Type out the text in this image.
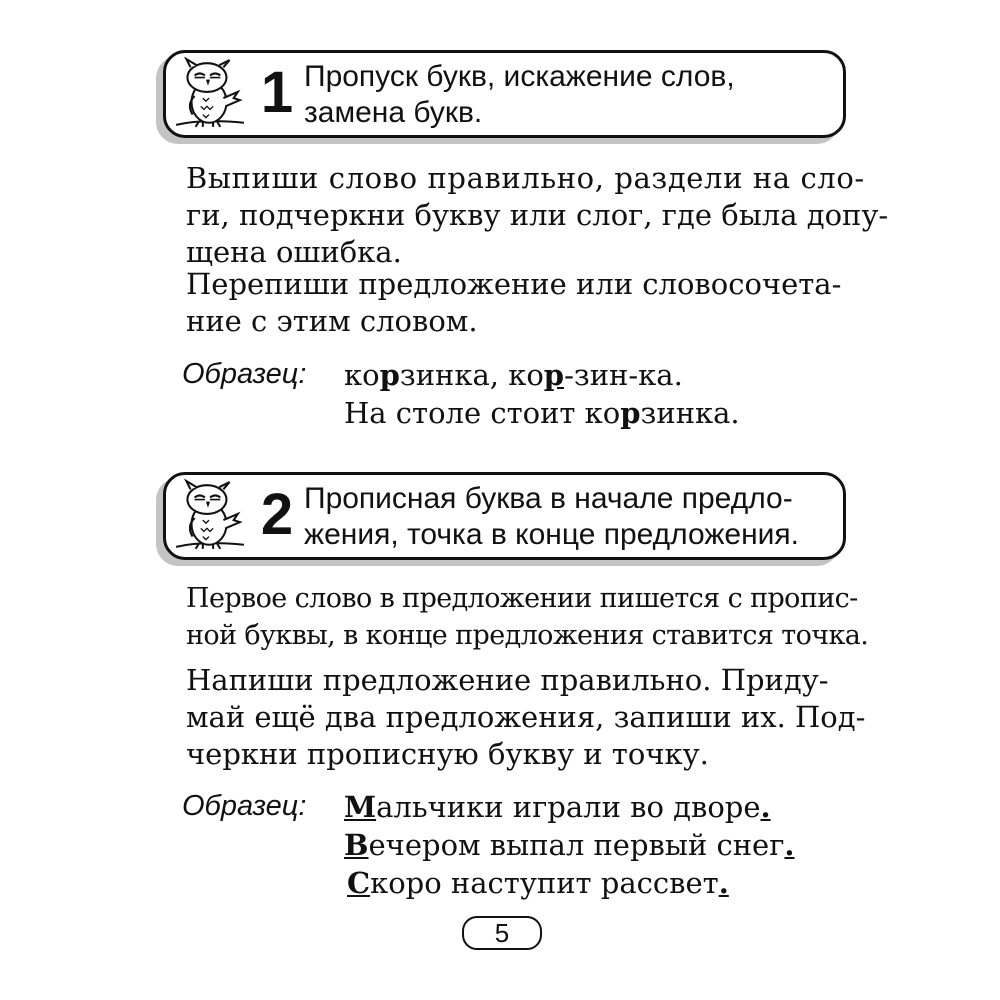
1 Пропуск букв, искажение слов,
замена букв.
Выпиши слово правильно, раздели на сло-
ги, подчеркни букву или слог, где была допу-
щена ошибка.
Перепиши предложение или словосочета-
ние с этим словом.
Образец: корзинка, кор-зин-ка.
На столе стоит корзинка.
2 Прописная буква в начале предло-
жения, точка в конце предложения.
Первое слово в предложении пишется с пропис-
ной буквы, в конце предложения ставится точка.
Напиши предложение правильно. Приду-
май ещё два предложения, запиши их. Под-
черкни прописную букву и точку.
Образец: Мальчики играли во дворе.
Вечером выпал первый снег.
Скоро наступит рассвет.
5
